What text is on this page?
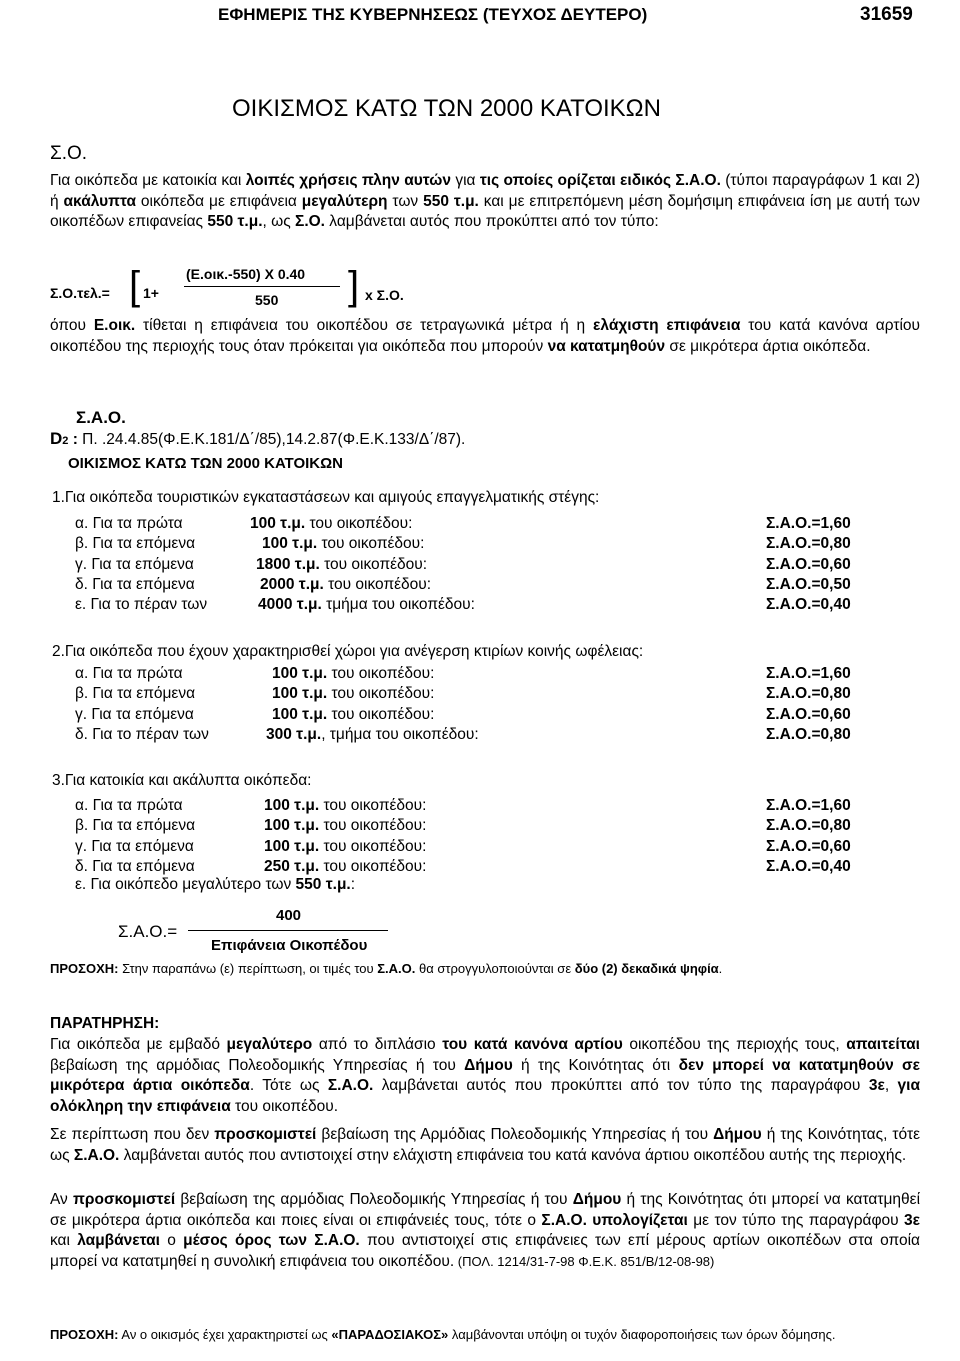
ΕΦΗΜΕΡΙΣ ΤΗΣ ΚΥΒΕΡΝΗΣΕΩΣ (ΤΕΥΧΟΣ ΔΕΥΤΕΡΟ)	31659
ΟΙΚΙΣΜΟΣ ΚΑΤΩ ΤΩΝ 2000 ΚΑΤΟΙΚΩΝ
Σ.Ο.
Για οικόπεδα με κατοικία και λοιπές χρήσεις πλην αυτών για τις οποίες ορίζεται ειδικός Σ.Α.Ο. (τύποι παραγράφων 1 και 2) ή ακάλυπτα οικόπεδα με επιφάνεια μεγαλύτερη των 550 τ.μ. και με επιτρεπόμενη μέση δομήσιμη επιφάνεια ίση με αυτή των οικοπέδων επιφανείας 550 τ.μ., ως Σ.Ο. λαμβάνεται αυτός που προκύπτει από τον τύπο:
Σ.Ο.τελ.= [ 1+
(Ε.οικ.-550) Χ 0.40
550 ] x Σ.Ο.
όπου Ε.οικ. τίθεται η επιφάνεια του οικοπέδου σε τετραγωνικά μέτρα ή η ελάχιστη επιφάνεια του κατά κανόνα αρτίου οικοπέδου της περιοχής τους όταν πρόκειται για οικόπεδα που μπορούν να κατατμηθούν σε μικρότερα άρτια οικόπεδα.
Σ.Α.Ο.
D2 : Π. .24.4.85(Φ.Ε.Κ.181/Δ΄/85),14.2.87(Φ.Ε.Κ.133/Δ΄/87).
ΟΙΚΙΣΜΟΣ ΚΑΤΩ ΤΩΝ 2000 ΚΑΤΟΙΚΩΝ
1.Για οικόπεδα τουριστικών εγκαταστάσεων και αμιγούς επαγγελματικής στέγης:
α. Για τα πρώτα	100 τ.μ. του οικοπέδου:	Σ.Α.Ο.=1,60
β. Για τα επόμενα	100 τ.μ. του οικοπέδου:	Σ.Α.Ο.=0,80
γ. Για τα επόμενα	1800 τ.μ. του οικοπέδου:	Σ.Α.Ο.=0,60
δ. Για τα επόμενα	2000 τ.μ. του οικοπέδου:	Σ.Α.Ο.=0,50
ε. Για το πέραν των	4000 τ.μ. τμήμα του οικοπέδου:	Σ.Α.Ο.=0,40
2.Για οικόπεδα που έχουν χαρακτηρισθεί χώροι για ανέγερση κτιρίων κοινής ωφέλειας:
α. Για τα πρώτα	100 τ.μ. του οικοπέδου:	Σ.Α.Ο.=1,60
β. Για τα επόμενα	100 τ.μ. του οικοπέδου:	Σ.Α.Ο.=0,80
γ. Για τα επόμενα	100 τ.μ. του οικοπέδου:	Σ.Α.Ο.=0,60
δ. Για το πέραν των	300 τ.μ., τμήμα του οικοπέδου:	Σ.Α.Ο.=0,80
3.Για κατοικία και ακάλυπτα οικόπεδα:
α. Για τα πρώτα	100 τ.μ. του οικοπέδου:	Σ.Α.Ο.=1,60
β. Για τα επόμενα	100 τ.μ. του οικοπέδου:	Σ.Α.Ο.=0,80
γ. Για τα επόμενα	100 τ.μ. του οικοπέδου:	Σ.Α.Ο.=0,60
δ. Για τα επόμενα	250 τ.μ. του οικοπέδου:	Σ.Α.Ο.=0,40
ε. Για οικόπεδο μεγαλύτερο των 550 τ.μ.:
Σ.Α.Ο.=
400
Επιφάνεια Οικοπέδου
ΠΡΟΣΟΧΗ: Στην παραπάνω (ε) περίπτωση, οι τιμές του Σ.Α.Ο. θα στρογγυλοποιούνται σε δύο (2) δεκαδικά ψηφία.
ΠΑΡΑΤΗΡΗΣΗ:
Για οικόπεδα με εμβαδό μεγαλύτερο από το διπλάσιο του κατά κανόνα αρτίου οικοπέδου της περιοχής τους, απαιτείται βεβαίωση της αρμόδιας Πολεοδομικής Υπηρεσίας ή του Δήμου ή της Κοινότητας ότι δεν μπορεί να κατατμηθούν σε μικρότερα άρτια οικόπεδα. Τότε ως Σ.Α.Ο. λαμβάνεται αυτός που προκύπτει από τον τύπο της παραγράφου 3ε, για ολόκληρη την επιφάνεια του οικοπέδου.
Σε περίπτωση που δεν προσκομιστεί βεβαίωση της Αρμόδιας Πολεοδομικής Υπηρεσίας ή του Δήμου ή της Κοινότητας, τότε ως Σ.Α.Ο. λαμβάνεται αυτός που αντιστοιχεί στην ελάχιστη επιφάνεια του κατά κανόνα άρτιου οικοπέδου αυτής της περιοχής.
Αν προσκομιστεί βεβαίωση της αρμόδιας Πολεοδομικής Υπηρεσίας ή του Δήμου ή της Κοινότητας ότι μπορεί να κατατμηθεί σε μικρότερα άρτια οικόπεδα και ποιες είναι οι επιφάνειές τους, τότε ο Σ.Α.Ο. υπολογίζεται με τον τύπο της παραγράφου 3ε και λαμβάνεται ο μέσος όρος των Σ.Α.Ο. που αντιστοιχεί στις επιφάνειες των επί μέρους αρτίων οικοπέδων στα οποία μπορεί να κατατμηθεί η συνολική επιφάνεια του οικοπέδου. (ΠΟΛ. 1214/31-7-98 Φ.Ε.Κ. 851/Β/12-08-98)
ΠΡΟΣΟΧΗ: Αν ο οικισμός έχει χαρακτηριστεί ως «ΠΑΡΑΔΟΣΙΑΚΟΣ» λαμβάνονται υπόψη οι τυχόν διαφοροποιήσεις των όρων δόμησης.
